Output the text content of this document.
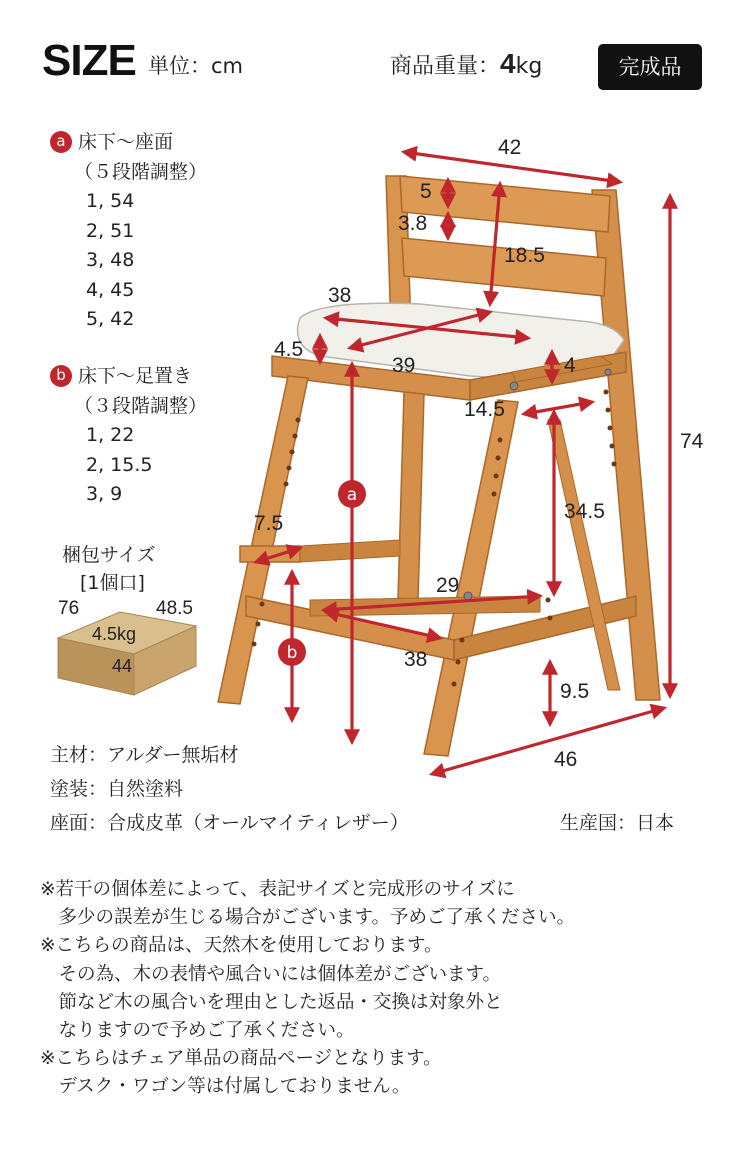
SIZE 単位：cm	商品重量：4kg	完成品
a 床下〜座面
（５段階調整）
1, 54
2, 51
3, 48
4, 45
5, 42
b 床下〜足置き
（３段階調整）
1, 22
2, 15.5
3, 9
梱包サイズ
[1個口]
a
b
76	48.5
4.5kg
44
42
5
3.8
18.5
38
4.5
39	4
14.5
74
34.5
7.5
29
38
9.5
46
主材：アルダー無垢材
塗装：自然塗料
座面：合成皮革（オールマイティレザー）	生産国：日本
※若干の個体差によって、表記サイズと完成形のサイズに
　多少の誤差が生じる場合がございます。予めご了承ください。
※こちらの商品は、天然木を使用しております。
　その為、木の表情や風合いには個体差がございます。
　節など木の風合いを理由とした返品・交換は対象外と
　なりますので予めご了承ください。
※こちらはチェア単品の商品ページとなります。
　デスク・ワゴン等は付属しておりません。
